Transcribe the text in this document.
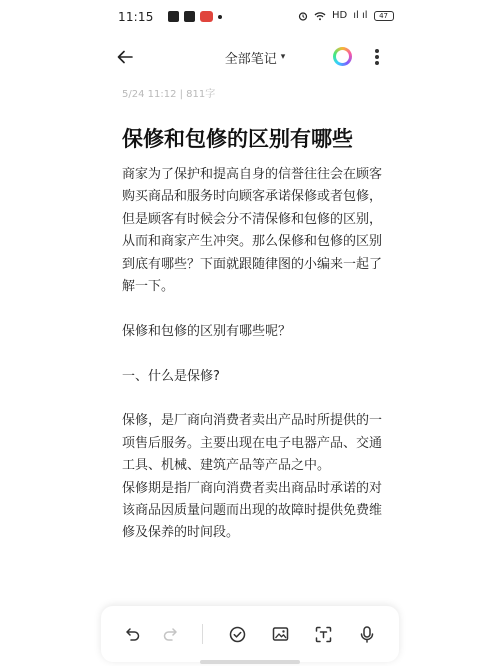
11:15	HD ıl ıl	47
全部笔记 ▾
5/24 11:12 | 811字
保修和包修的区别有哪些
商家为了保护和提高自身的信誉往往会在顾客购买商品和服务时向顾客承诺保修或者包修，但是顾客有时候会分不清保修和包修的区别，从而和商家产生冲突。那么保修和包修的区别到底有哪些？下面就跟随律图的小编来一起了解一下。
保修和包修的区别有哪些呢？
一、什么是保修?
保修，是厂商向消费者卖出产品时所提供的一项售后服务。主要出现在电子电器产品、交通工具、机械、建筑产品等产品之中。
保修期是指厂商向消费者卖出商品时承诺的对该商品因质量问题而出现的故障时提供免费维修及保养的时间段。
